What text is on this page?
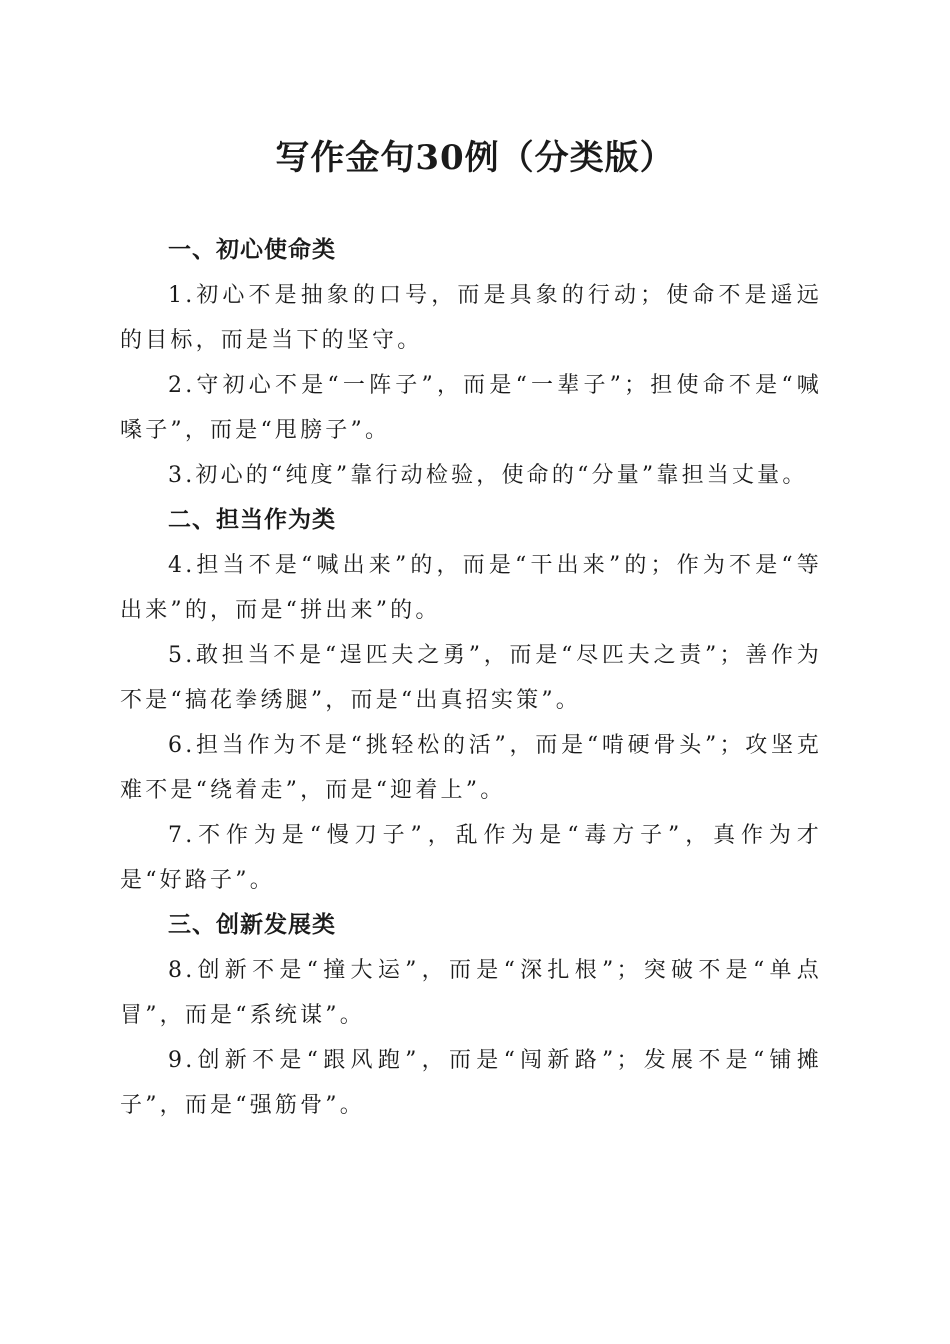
写作金句30例（分类版）
一、初心使命类

1.初心不是抽象的口号，而是具象的行动；使命不是遥远的目标，而是当下的坚守。

2.守初心不是“一阵子”，而是“一辈子”；担使命不是“喊嗓子”，而是“甩膀子”。

3.初心的“纯度”靠行动检验，使命的“分量”靠担当丈量。

二、担当作为类

4.担当不是“喊出来”的，而是“干出来”的；作为不是“等出来”的，而是“拼出来”的。

5.敢担当不是“逞匹夫之勇”，而是“尽匹夫之责”；善作为不是“搞花拳绣腿”，而是“出真招实策”。

6.担当作为不是“挑轻松的活”，而是“啃硬骨头”；攻坚克难不是“绕着走”，而是“迎着上”。

7.不作为是“慢刀子”，乱作为是“毒方子”，真作为才是“好路子”。

三、创新发展类

8.创新不是“撞大运”，而是“深扎根”；突破不是“单点冒”，而是“系统谋”。

9.创新不是“跟风跑”，而是“闯新路”；发展不是“铺摊子”，而是“强筋骨”。
